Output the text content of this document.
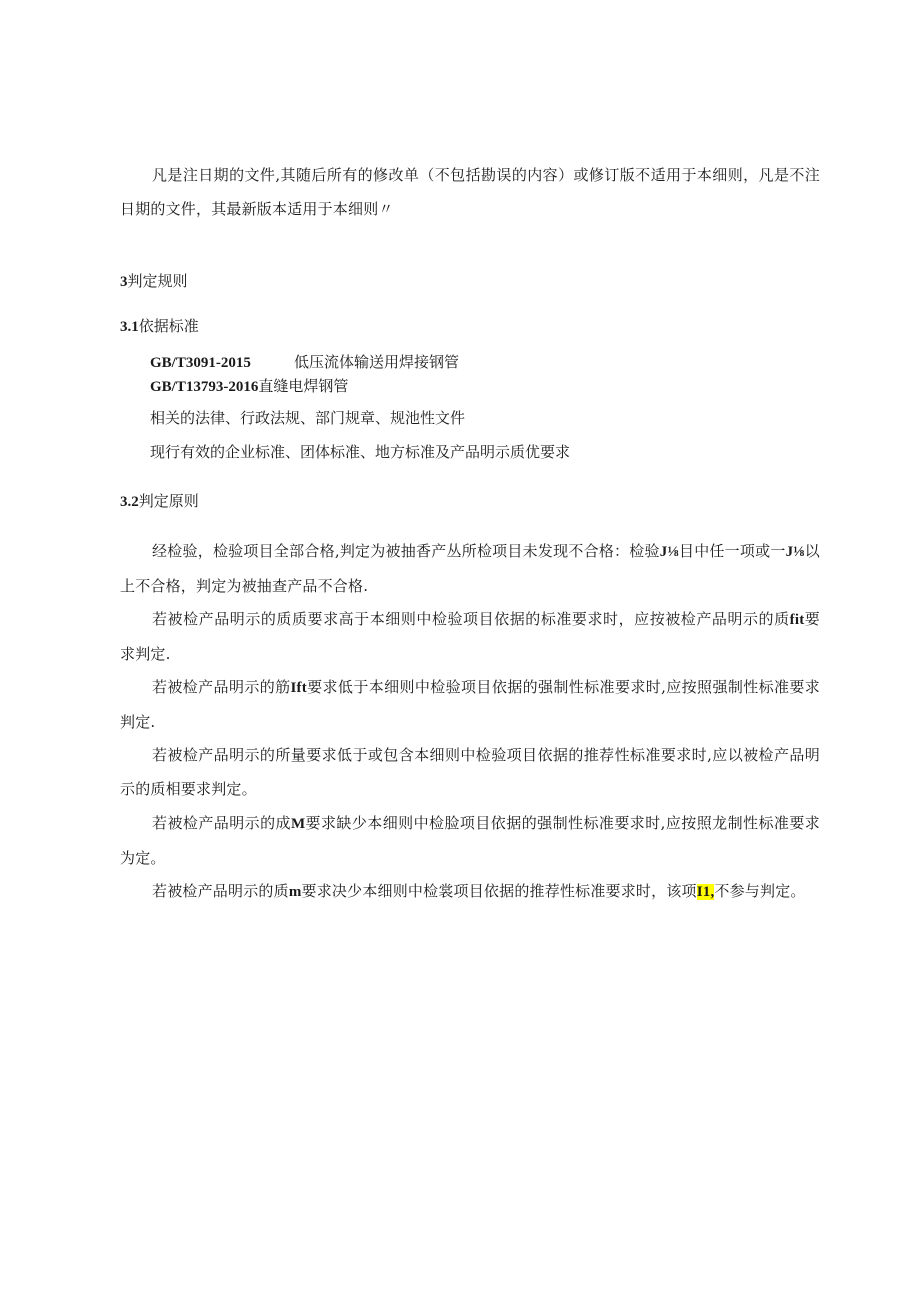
凡是注日期的文件,其随后所有的修改单（不包括勘误的内容）或修订版不适用于本细则，凡是不注日期的文件，其最新版本适用于本细则〃

3判定规则

3.1依据标准

GB/T3091-2015	低压流体输送用焊接钢管

GB/T13793-2016直缝电焊钢管

相关的法律、行政法规、部门规章、规池性文件

现行有效的企业标准、团体标准、地方标准及产品明示质优要求

3.2判定原则

经检验，检验项目全部合格,判定为被抽香产丛所检项目未发现不合格：检验J⅛目中任一项或一J⅛以上不合格，判定为被抽查产品不合格.

若被检产品明示的质质要求高于本细则中检验项目依据的标准要求时，应按被检产品明示的质fit要求判定.

若被检产品明示的筋Ift要求低于本细则中检验项目依据的强制性标准要求时,应按照强制性标准要求判定.

若被检产品明示的所量要求低于或包含本细则中检验项目依据的推荐性标准要求时,应以被检产品明示的质相要求判定。

若被检产品明示的成M要求缺少本细则中检脸项目依据的强制性标准要求时,应按照龙制性标准要求为定。

若被检产品明示的质m要求决少本细则中检裳项目依据的推荐性标准要求时，该项I1,不参与判定。
